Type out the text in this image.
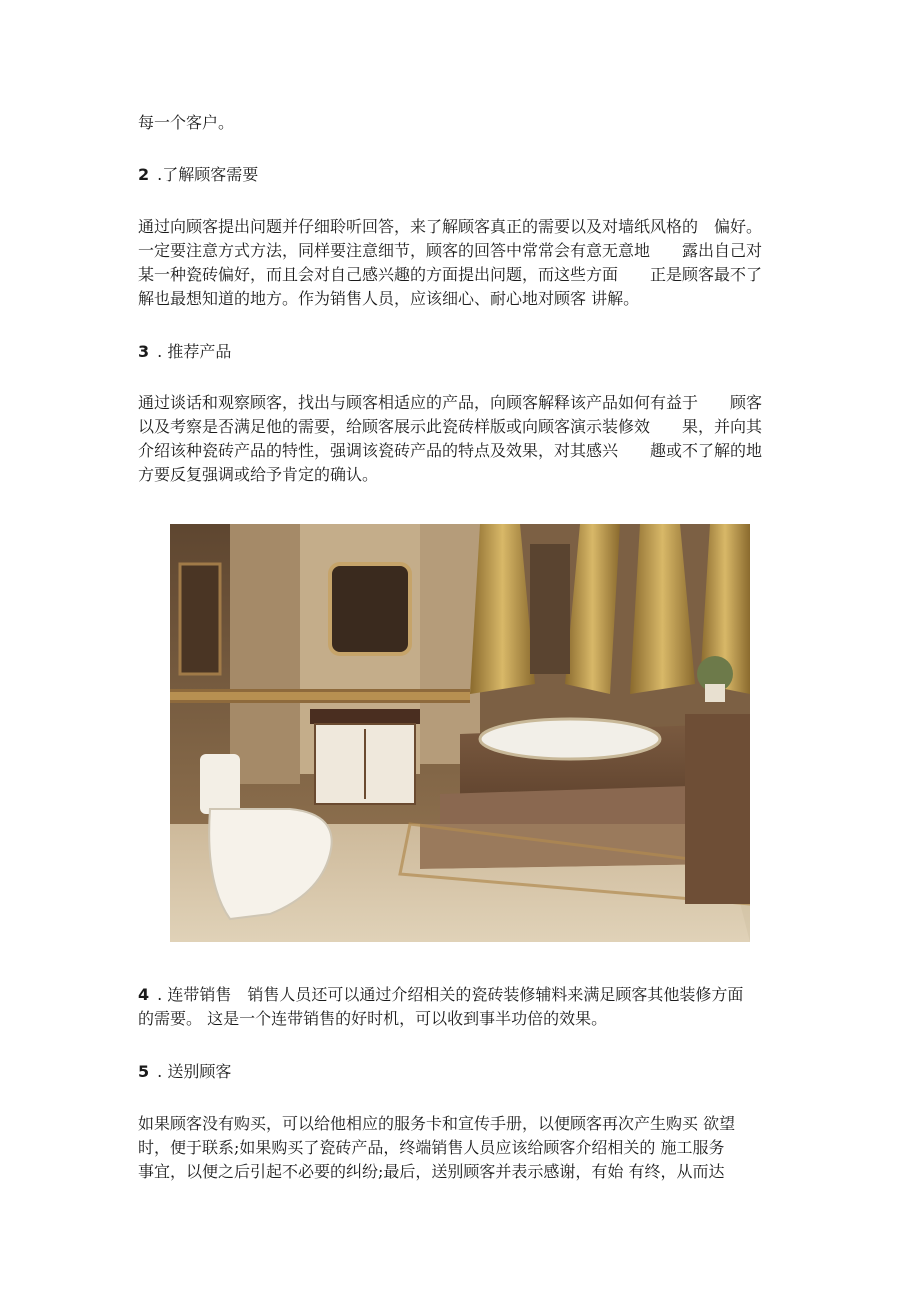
每一个客户。
2 .了解顾客需要
通过向顾客提出问题并仔细聆听回答，来了解顾客真正的需要以及对墙纸风格的　偏好。
一定要注意方式方法，同样要注意细节，顾客的回答中常常会有意无意地　　露出自己对
某一种瓷砖偏好，而且会对自己感兴趣的方面提出问题，而这些方面　　正是顾客最不了
解也最想知道的地方。作为销售人员，应该细心、耐心地对顾客 讲解。
3 . 推荐产品
通过谈话和观察顾客，找出与顾客相适应的产品，向顾客解释该产品如何有益于　　顾客
以及考察是否满足他的需要，给顾客展示此瓷砖样版或向顾客演示装修效　　果，并向其
介绍该种瓷砖产品的特性，强调该瓷砖产品的特点及效果，对其感兴　　趣或不了解的地
方要反复强调或给予肯定的确认。
4 . 连带销售　销售人员还可以通过介绍相关的瓷砖装修辅料来满足顾客其他装修方面
的需要。 这是一个连带销售的好时机，可以收到事半功倍的效果。
5 . 送别顾客
如果顾客没有购买，可以给他相应的服务卡和宣传手册，以便顾客再次产生购买 欲望
时，便于联系;如果购买了瓷砖产品，终端销售人员应该给顾客介绍相关的 施工服务
事宜，以便之后引起不必要的纠纷;最后，送别顾客并表示感谢，有始 有终，从而达
